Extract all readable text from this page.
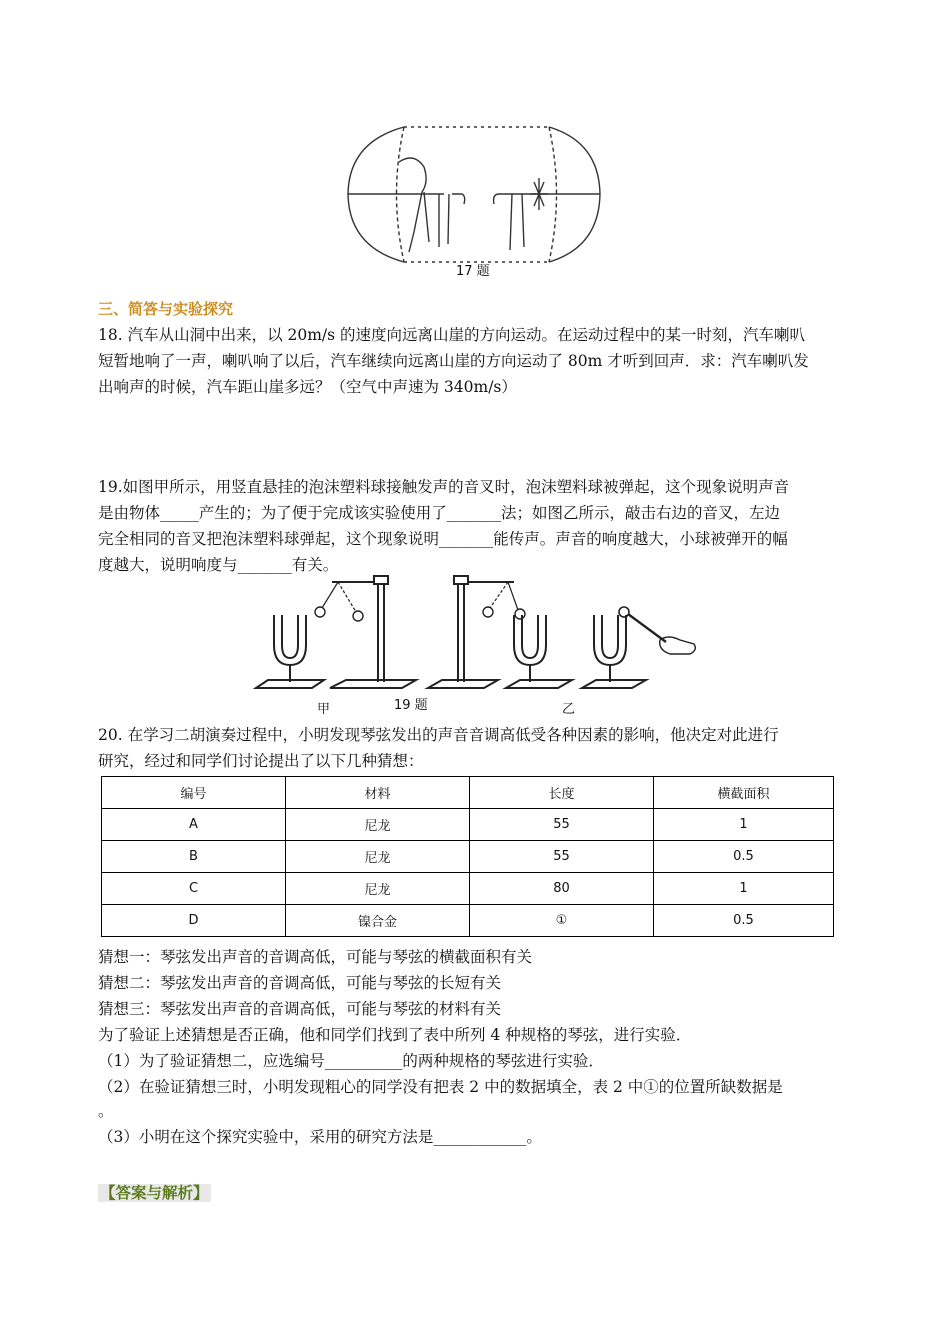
17 题
三、简答与实验探究
18. 汽车从山洞中出来，以 20m/s 的速度向远离山崖的方向运动。在运动过程中的某一时刻，汽车喇叭
短暂地响了一声，喇叭响了以后，汽车继续向远离山崖的方向运动了 80m 才听到回声．求：汽车喇叭发
出响声的时候，汽车距山崖多远？（空气中声速为 340m/s）
19.如图甲所示，用竖直悬挂的泡沫塑料球接触发声的音叉时，泡沫塑料球被弹起，这个现象说明声音
是由物体_____产生的；为了便于完成该实验使用了_______法；如图乙所示，敲击右边的音叉，左边
完全相同的音叉把泡沫塑料球弹起，这个现象说明_______能传声。声音的响度越大，小球被弹开的幅
度越大，说明响度与_______有关。
甲	19 题	乙
20. 在学习二胡演奏过程中，小明发现琴弦发出的声音音调高低受各种因素的影响，他决定对此进行
研究，经过和同学们讨论提出了以下几种猜想：
编号	材料	长度	横截面积
A	尼龙	55	1
B	尼龙	55	0.5
C	尼龙	80	1
D	镍合金	①	0.5
猜想一：琴弦发出声音的音调高低，可能与琴弦的横截面积有关
猜想二：琴弦发出声音的音调高低，可能与琴弦的长短有关
猜想三：琴弦发出声音的音调高低，可能与琴弦的材料有关
为了验证上述猜想是否正确，他和同学们找到了表中所列 4 种规格的琴弦，进行实验．
（1）为了验证猜想二，应选编号__________的两种规格的琴弦进行实验．
（2）在验证猜想三时，小明发现粗心的同学没有把表 2 中的数据填全，表 2 中①的位置所缺数据是
。
（3）小明在这个探究实验中，采用的研究方法是____________。
【答案与解析】
